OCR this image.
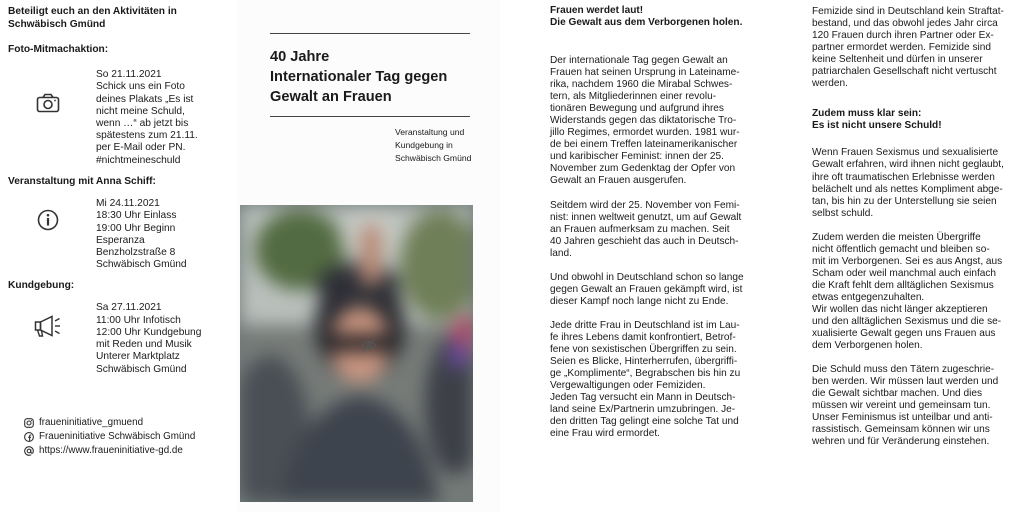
Beteiligt euch an den Aktivitäten in

Schwäbisch Gmünd

Foto-Mitmachaktion:

So 21.11.2021

Schick uns ein Foto

deines Plakats „Es ist

nicht meine Schuld,

wenn …“ ab jetzt bis

spätestens zum 21.11.

per E-Mail oder PN.

#nichtmeineschuld

Veranstaltung mit Anna Schiff:

Mi 24.11.2021

18:30 Uhr Einlass

19:00 Uhr Beginn

Esperanza

Benzholzstraße 8

Schwäbisch Gmünd

Kundgebung:

Sa 27.11.2021

11:00 Uhr Infotisch

12:00 Uhr Kundgebung

mit Reden und Musik

Unterer Marktplatz

Schwäbisch Gmünd

fraueninitiative_gmuend

Fraueninitiative Schwäbisch Gmünd

https://www.fraueninitiative-gd.de

40 Jahre

Internationaler Tag gegen

Gewalt an Frauen

Veranstaltung und

Kundgebung in

Schwäbisch Gmünd

Frauen werdet laut!
Die Gewalt aus dem Verborgenen holen.
Der internationale Tag gegen Gewalt an
Frauen hat seinen Ursprung in Lateiname-
rika, nachdem 1960 die Mirabal Schwes-
tern, als Mitgliederinnen einer revolu-
tionären Bewegung und aufgrund ihres
Widerstands gegen das diktatorische Tro-
jillo Regimes, ermordet wurden. 1981 wur-
de bei einem Treffen lateinamerikanischer
und karibischer Feminist: innen der 25.
November zum Gedenktag der Opfer von
Gewalt an Frauen ausgerufen.
Seitdem wird der 25. November von Femi-
nist: innen weltweit genutzt, um auf Gewalt
an Frauen aufmerksam zu machen. Seit
40 Jahren geschieht das auch in Deutsch-
land.
Und obwohl in Deutschland schon so lange
gegen Gewalt an Frauen gekämpft wird, ist
dieser Kampf noch lange nicht zu Ende.
Jede dritte Frau in Deutschland ist im Lau-
fe ihres Lebens damit konfrontiert, Betrof-
fene von sexistischen Übergriffen zu sein.
Seien es Blicke, Hinterherrufen, übergriffi-
ge „Komplimente“, Begrabschen bis hin zu
Vergewaltigungen oder Femiziden.
Jeden Tag versucht ein Mann in Deutsch-
land seine Ex/Partnerin umzubringen. Je-
den dritten Tag gelingt eine solche Tat und
eine Frau wird ermordet.
Femizide sind in Deutschland kein Straftat-
bestand, und das obwohl jedes Jahr circa
120 Frauen durch ihren Partner oder Ex-
partner ermordet werden. Femizide sind
keine Seltenheit und dürfen in unserer
patriarchalen Gesellschaft nicht vertuscht
werden.
Zudem muss klar sein:
Es ist nicht unsere Schuld!
Wenn Frauen Sexismus und sexualisierte
Gewalt erfahren, wird ihnen nicht geglaubt,
ihre oft traumatischen Erlebnisse werden
belächelt und als nettes Kompliment abge-
tan, bis hin zu der Unterstellung sie seien
selbst schuld.
Zudem werden die meisten Übergriffe
nicht öffentlich gemacht und bleiben so-
mit im Verborgenen. Sei es aus Angst, aus
Scham oder weil manchmal auch einfach
die Kraft fehlt dem alltäglichen Sexismus
etwas entgegenzuhalten.
Wir wollen das nicht länger akzeptieren
und den alltäglichen Sexismus und die se-
xualisierte Gewalt gegen uns Frauen aus
dem Verborgenen holen.
Die Schuld muss den Tätern zugeschrie-
ben werden. Wir müssen laut werden und
die Gewalt sichtbar machen. Und dies
müssen wir vereint und gemeinsam tun.
Unser Feminismus ist unteilbar und anti-
rassistisch. Gemeinsam können wir uns
wehren und für Veränderung einstehen.
